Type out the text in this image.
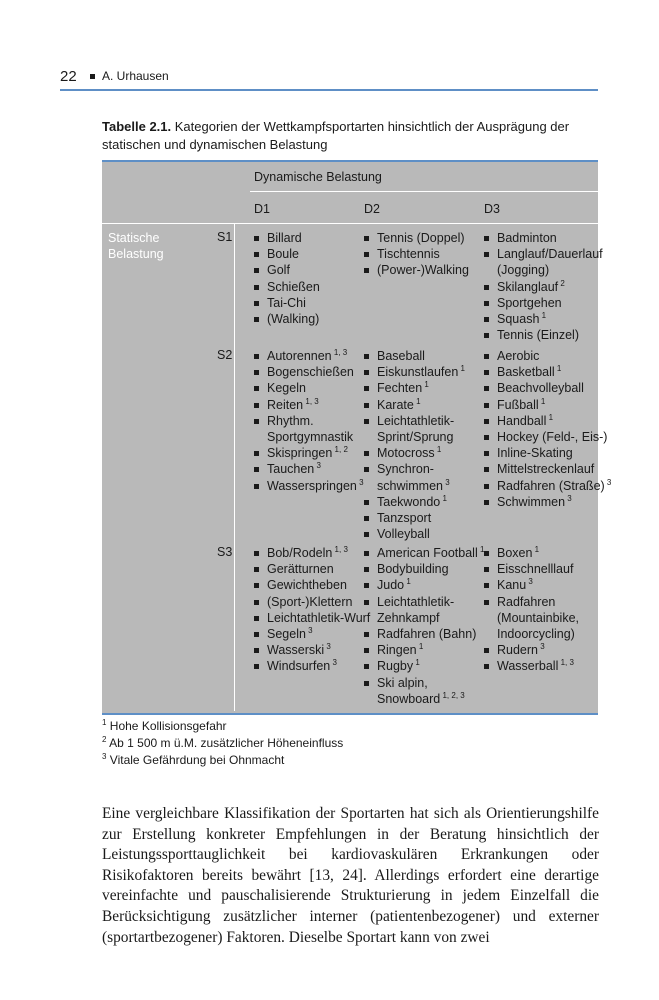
22 A. Urhausen
Tabelle 2.1. Kategorien der Wettkampfsportarten hinsichtlich der Ausprägung der statischen und dynamischen Belastung
Dynamische Belastung
D1	D2	D3
Statische
Belastung
S1
S2
S3
Billard
Boule
Golf
Schießen
Tai-Chi
(Walking)
Tennis (Doppel)
Tischtennis
(Power-)Walking
Badminton
Langlauf/Dauerlauf
(Jogging)
Skilanglauf $^2$
Sportgehen
Squash $^1$
Tennis (Einzel)
Autorennen $^{1, 3}$
Bogenschießen
Kegeln
Reiten $^{1, 3}$
Rhythm.
Sportgymnastik
Skispringen $^{1, 2}$
Tauchen $^3$
Wasserspringen $^3$
Baseball
Eiskunstlaufen $^1$
Fechten $^1$
Karate $^1$
Leichtathletik-
Sprint/Sprung
Motocross $^1$
Synchron-
schwimmen $^3$
Taekwondo $^1$
Tanzsport
Volleyball
Aerobic
Basketball $^1$
Beachvolleyball
Fußball $^1$
Handball $^1$
Hockey (Feld-, Eis-)
Inline-Skating
Mittelstreckenlauf
Radfahren (Straße) $^3$
Schwimmen $^3$
Bob/Rodeln $^{1, 3}$
Gerätturnen
Gewichtheben
(Sport-)Klettern
Leichtathletik-Wurf
Segeln $^3$
Wasserski $^3$
Windsurfen $^3$
American Football $^1$
Bodybuilding
Judo $^1$
Leichtathletik-
Zehnkampf
Radfahren (Bahn)
Ringen $^1$
Rugby $^1$
Ski alpin,
Snowboard $^{1, 2, 3}$
Boxen $^1$
Eisschnelllauf
Kanu $^3$
Radfahren
(Mountainbike,
Indoorcycling)
Rudern $^3$
Wasserball $^{1, 3}$
$^1$ Hohe Kollisionsgefahr
$^2$ Ab 1 500 m ü.M. zusätzlicher Höheneinfluss
$^3$ Vitale Gefährdung bei Ohnmacht

Eine vergleichbare Klassifikation der Sportarten hat sich als Orientierungshilfe zur Erstellung konkreter Empfehlungen in der Beratung hinsichtlich der Leistungssporttauglichkeit bei kardiovaskulären Erkrankungen oder Risikofaktoren bereits bewährt [13, 24]. Allerdings erfordert eine derartige vereinfachte und pauschalisierende Strukturierung in jedem Einzelfall die Berücksichtigung zusätzlicher interner (patientenbezogener) und externer (sportartbezogener) Faktoren. Dieselbe Sportart kann von zwei
